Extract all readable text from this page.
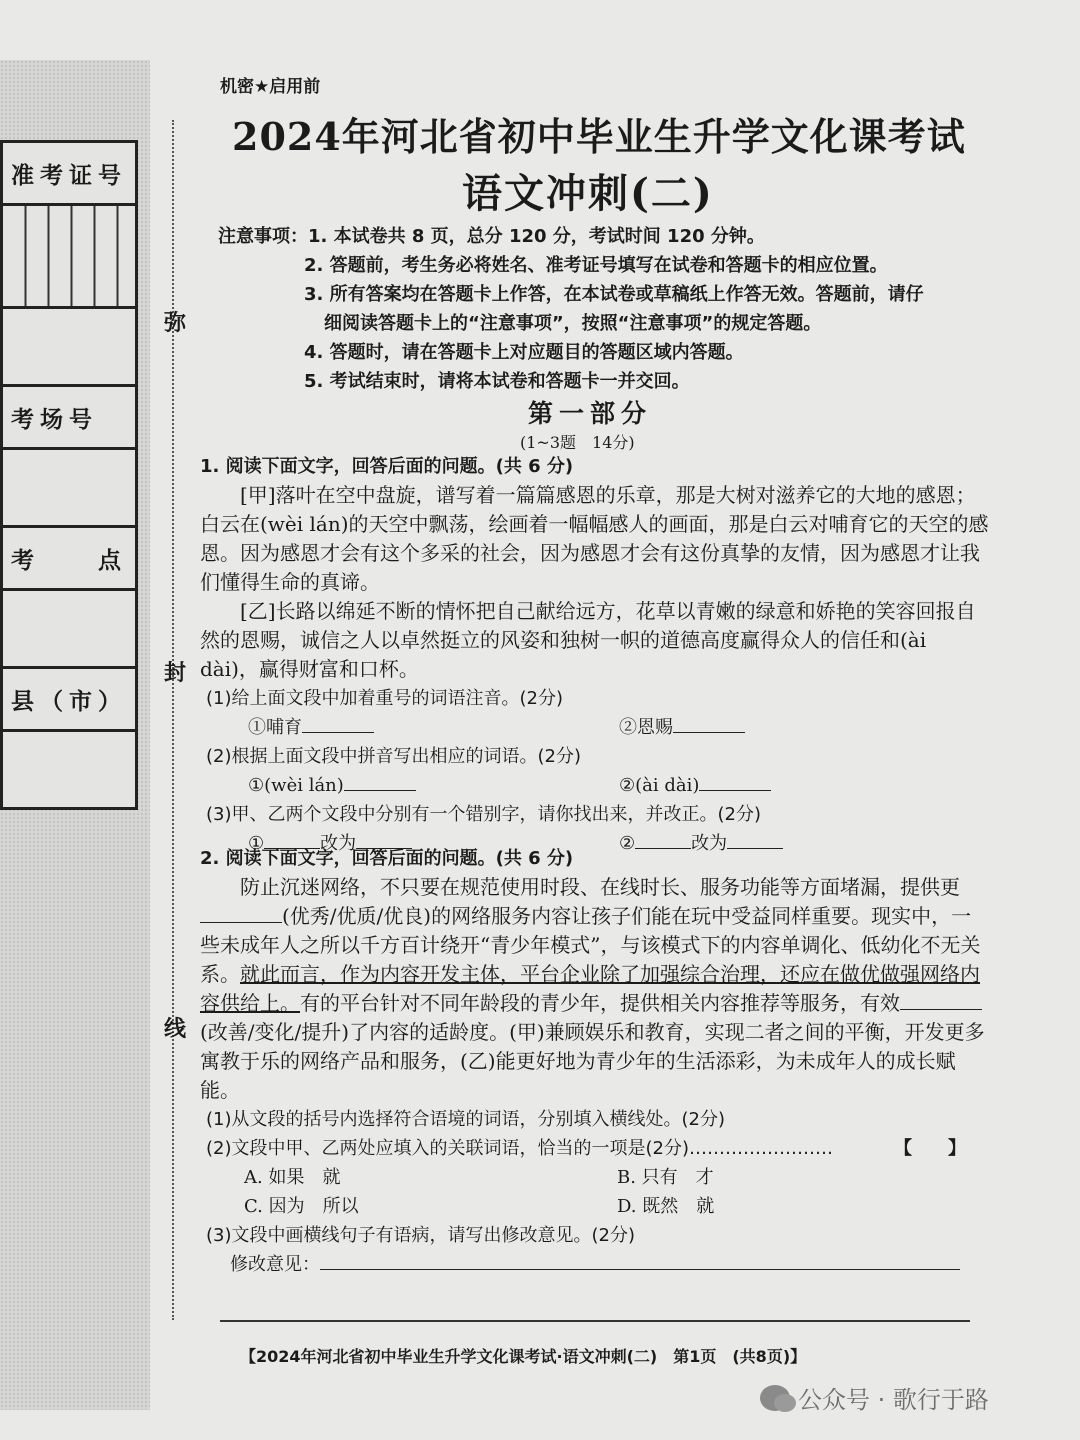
准考证号

考场号

考　　点

县（市）

弥
封
线
机密★启用前
2024年河北省初中毕业生升学文化课考试
语文冲刺(二)
注意事项：1. 本试卷共 8 页，总分 120 分，考试时间 120 分钟。
2. 答题前，考生务必将姓名、准考证号填写在试卷和答题卡的相应位置。
3. 所有答案均在答题卡上作答，在本试卷或草稿纸上作答无效。答题前，请仔
细阅读答题卡上的“注意事项”，按照“注意事项”的规定答题。
4. 答题时，请在答题卡上对应题目的答题区域内答题。
5. 考试结束时，请将本试卷和答题卡一并交回。
第一部分
(1~3题　14分)
1. 阅读下面文字，回答后面的问题。(共 6 分)

[甲]落叶在空中盘旋，谱写着一篇篇感恩的乐章，那是大树对滋养它的大地的感恩；白云在(wèi lán)的天空中飘荡，绘画着一幅幅感人的画面，那是白云对哺育它的天空的感恩。因为感恩才会有这个多采的社会，因为感恩才会有这份真挚的友情，因为感恩才让我们懂得生命的真谛。

[乙]长路以绵延不断的情怀把自己献给远方，花草以青嫩的绿意和娇艳的笑容回报自然的恩赐，诚信之人以卓然挺立的风姿和独树一帜的道德高度赢得众人的信任和(ài dài)，赢得财富和口杯。

(1)给上面文段中加着重号的词语注音。(2分)
①哺育	②恩赐
(2)根据上面文段中拼音写出相应的词语。(2分)
①(wèi lán)	②(ài dài)
(3)甲、乙两个文段中分别有一个错别字，请你找出来，并改正。(2分)
①	改为	②	改为
2. 阅读下面文字，回答后面的问题。(共 6 分)

防止沉迷网络，不只要在规范使用时段、在线时长、服务功能等方面堵漏，提供更(优秀/优质/优良)的网络服务内容让孩子们能在玩中受益同样重要。现实中，一些未成年人之所以千方百计绕开“青少年模式”，与该模式下的内容单调化、低幼化不无关系。就此而言，作为内容开发主体，平台企业除了加强综合治理，还应在做优做强网络内容供给上。有的平台针对不同年龄段的青少年，提供相关内容推荐等服务，有效(改善/变化/提升)了内容的适龄度。(甲)兼顾娱乐和教育，实现二者之间的平衡，开发更多寓教于乐的网络产品和服务，(乙)能更好地为青少年的生活添彩，为未成年人的成长赋能。

(1)从文段的括号内选择符合语境的词语，分别填入横线处。(2分)
(2)文段中甲、乙两处应填入的关联词语，恰当的一项是(2分)……………………	【　　】
A. 如果　就	B. 只有　才
C. 因为　所以	D. 既然　就
(3)文段中画横线句子有语病，请写出修改意见。(2分)
修改意见：
【2024年河北省初中毕业生升学文化课考试·语文冲刺(二)　第1页　(共8页)】
公众号 · 歌行于路
